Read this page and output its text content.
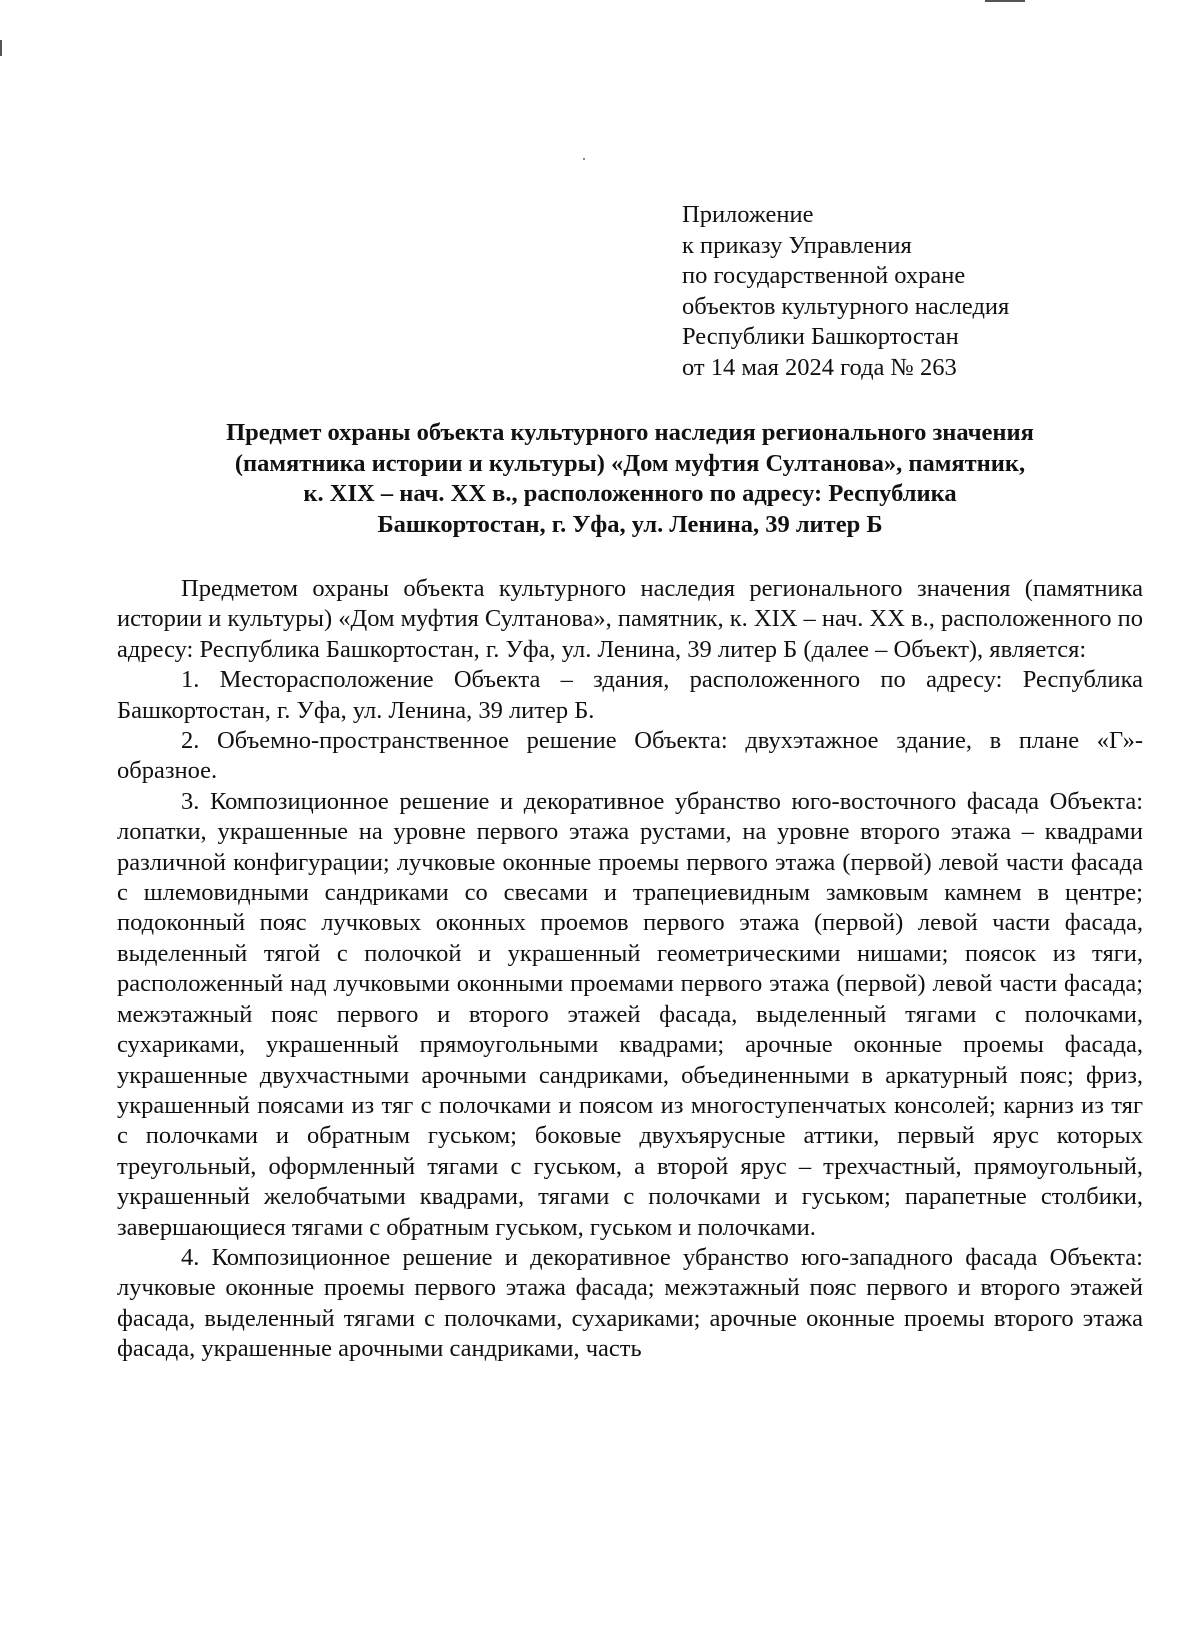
Приложение
к приказу Управления
по государственной охране
объектов культурного наследия
Республики Башкортостан
от 14 мая 2024 года № 263
Предмет охраны объекта культурного наследия регионального значения
(памятника истории и культуры) «Дом муфтия Султанова», памятник,
к. XIX – нач. XX в., расположенного по адресу: Республика
Башкортостан, г. Уфа, ул. Ленина, 39 литер Б

Предметом охраны объекта культурного наследия регионального значения (памятника истории и культуры) «Дом муфтия Султанова», памятник, к. XIX – нач. XX в., расположенного по адресу: Республика Башкортостан, г. Уфа, ул. Ленина, 39 литер Б (далее – Объект), является:

1. Месторасположение Объекта – здания, расположенного по адресу: Республика Башкортостан, г. Уфа, ул. Ленина, 39 литер Б.

2. Объемно-пространственное решение Объекта: двухэтажное здание, в плане «Г»-образное.

3. Композиционное решение и декоративное убранство юго-восточного фасада Объекта: лопатки, украшенные на уровне первого этажа рустами, на уровне второго этажа – квадрами различной конфигурации; лучковые оконные проемы первого этажа (первой) левой части фасада с шлемовидными сандриками со свесами и трапециевидным замковым камнем в центре; подоконный пояс лучковых оконных проемов первого этажа (первой) левой части фасада, выделенный тягой с полочкой и украшенный геометрическими нишами; поясок из тяги, расположенный над лучковыми оконными проемами первого этажа (первой) левой части фасада; межэтажный пояс первого и второго этажей фасада, выделенный тягами с полочками, сухариками, украшенный прямоугольными квадрами; арочные оконные проемы фасада, украшенные двухчастными арочными сандриками, объединенными в аркатурный пояс; фриз, украшенный поясами из тяг с полочками и поясом из многоступенчатых консолей; карниз из тяг с полочками и обратным гуськом; боковые двухъярусные аттики, первый ярус которых треугольный, оформленный тягами с гуськом, а второй ярус – трехчастный, прямоугольный, украшенный желобчатыми квадрами, тягами с полочками и гуськом; парапетные столбики, завершающиеся тягами с обратным гуськом, гуськом и полочками.

4. Композиционное решение и декоративное убранство юго-западного фасада Объекта: лучковые оконные проемы первого этажа фасада; межэтажный пояс первого и второго этажей фасада, выделенный тягами с полочками, сухариками; арочные оконные проемы второго этажа фасада, украшенные арочными сандриками, часть
